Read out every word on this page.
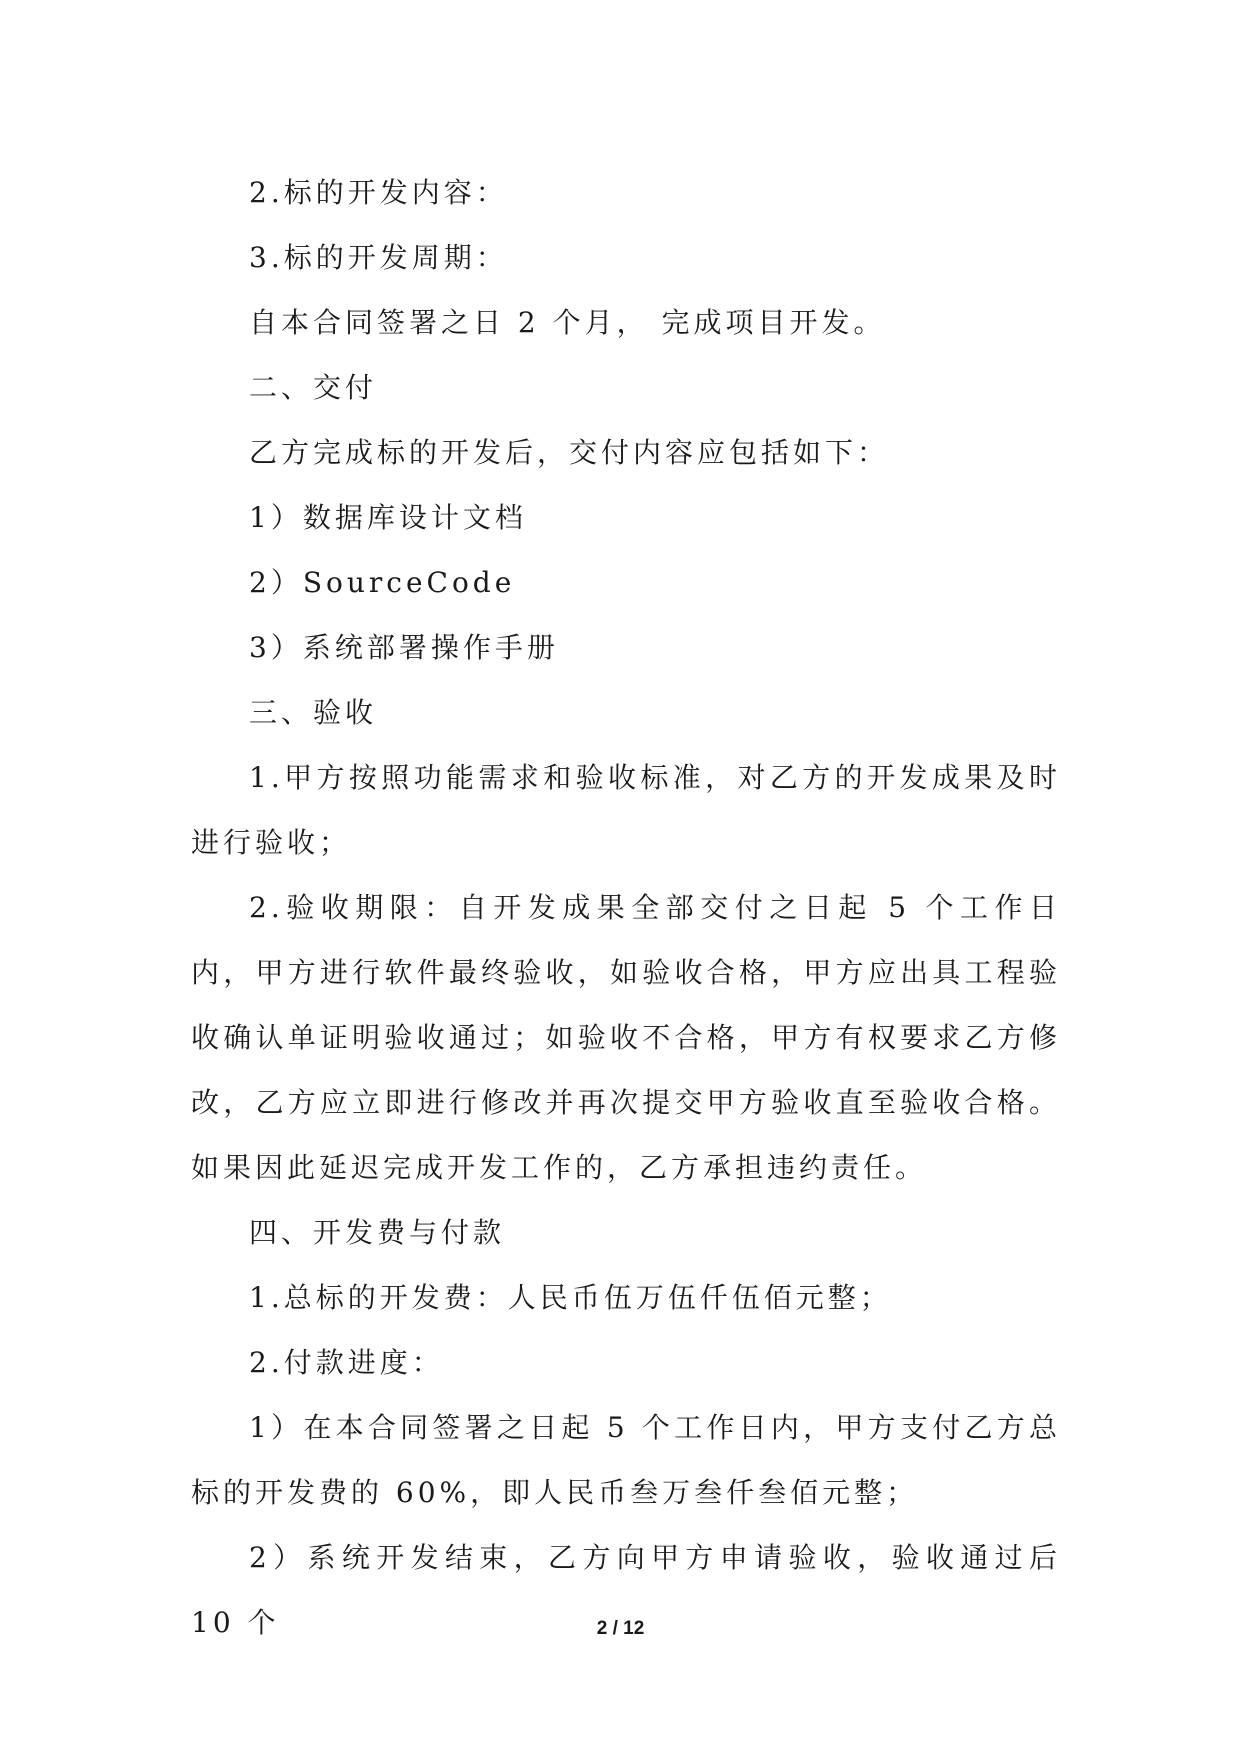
2.标的开发内容：

3.标的开发周期：

自本合同签署之日 2 个月， 完成项目开发。

二、交付

乙方完成标的开发后，交付内容应包括如下：

1）数据库设计文档

2）SourceCode

3）系统部署操作手册

三、验收

1.甲方按照功能需求和验收标准，对乙方的开发成果及时进行验收；

2.验收期限：自开发成果全部交付之日起 5 个工作日内，甲方进行软件最终验收，如验收合格，甲方应出具工程验收确认单证明验收通过；如验收不合格，甲方有权要求乙方修改，乙方应立即进行修改并再次提交甲方验收直至验收合格。如果因此延迟完成开发工作的，乙方承担违约责任。

四、开发费与付款

1.总标的开发费：人民币伍万伍仟伍佰元整；

2.付款进度：

1）在本合同签署之日起 5 个工作日内，甲方支付乙方总标的开发费的 60%，即人民币叁万叁仟叁佰元整；

2）系统开发结束，乙方向甲方申请验收，验收通过后 10 个	2 / 12
